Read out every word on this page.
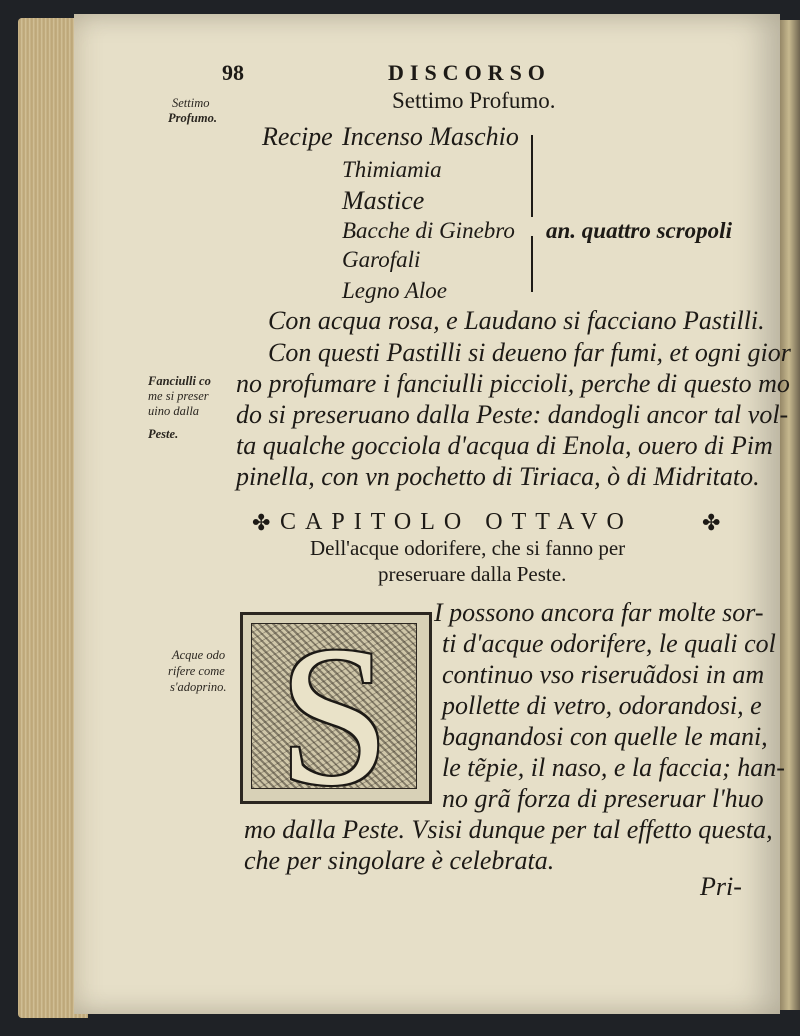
98	DISCORSO
Settimo
Profumo.
Settimo Profumo.
Recipe Incenso Maschio
Thimiamia
Mastice
Bacche di Ginebro
Garofali
Legno Aloe
an. quattro scropoli
Con acqua rosa, e Laudano si facciano Pastilli.
Con questi Pastilli si deueno far fumi, et ogni gior
no profumare i fanciulli piccioli, perche di questo mo
do si preseruano dalla Peste: dandogli ancor tal vol-
ta qualche gocciola d'acqua di Enola, ouero di Pim
pinella, con vn pochetto di Tiriaca, ò di Midritato.
Fanciulli co
me si preser
uino dalla
Peste.
✤ CAPITOLO OTTAVO	✤
Dell'acque odorifere, che si fanno per
preseruare dalla Peste.
S
Acque odo
rifere come
s'adoprino.
I possono ancora far molte sor-
ti d'acque odorifere, le quali col
continuo vso riseruãdosi in am
pollette di vetro, odorandosi, e
bagnandosi con quelle le mani,
le tẽpie, il naso, e la faccia; han-
no grã forza di preseruar l'huo
mo dalla Peste. Vsisi dunque per tal effetto questa,
che per singolare è celebrata.
Pri-
